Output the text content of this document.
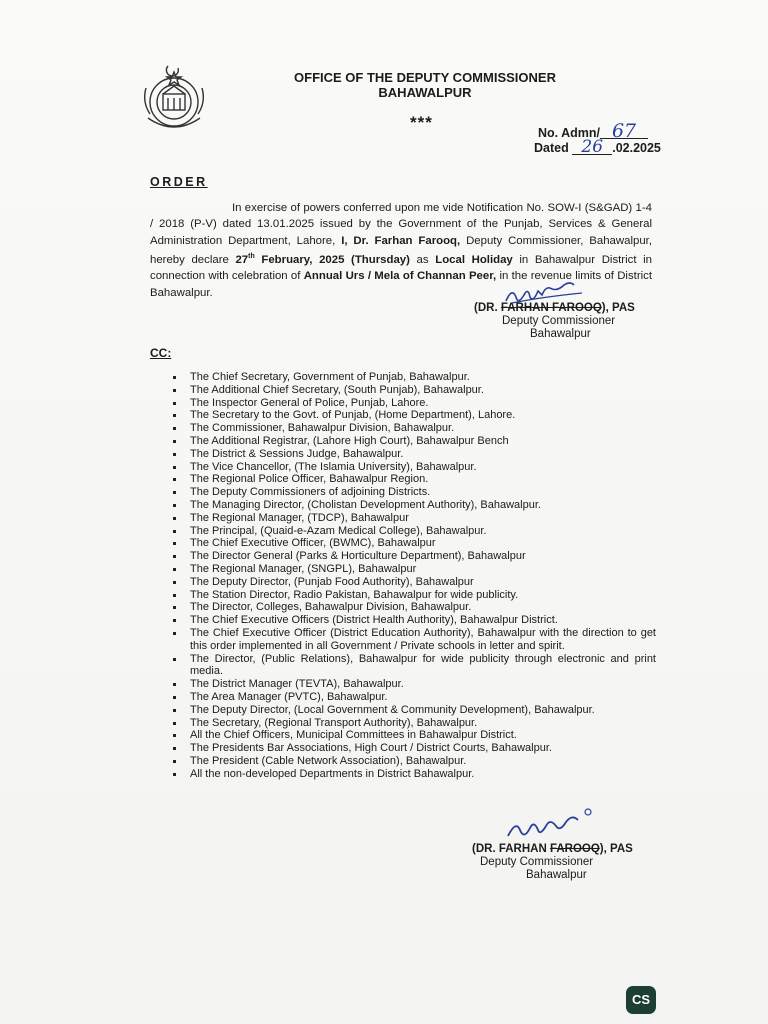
OFFICE OF THE DEPUTY COMMISSIONER
BAHAWALPUR
***
No. Admn/ 67
Dated 26 .02.2025
ORDER
In exercise of powers conferred upon me vide Notification No. SOW-I (S&GAD) 1-4 / 2018 (P-V) dated 13.01.2025 issued by the Government of the Punjab, Services & General Administration Department, Lahore, I, Dr. Farhan Farooq, Deputy Commissioner, Bahawalpur, hereby declare 27th February, 2025 (Thursday) as Local Holiday in Bahawalpur District in connection with celebration of Annual Urs / Mela of Channan Peer, in the revenue limits of District Bahawalpur.
(DR. FARHAN FAROOQ), PAS
Deputy Commissioner
Bahawalpur
CC:
The Chief Secretary, Government of Punjab, Bahawalpur.
The Additional Chief Secretary, (South Punjab), Bahawalpur.
The Inspector General of Police, Punjab, Lahore.
The Secretary to the Govt. of Punjab, (Home Department), Lahore.
The Commissioner, Bahawalpur Division, Bahawalpur.
The Additional Registrar, (Lahore High Court), Bahawalpur Bench
The District & Sessions Judge, Bahawalpur.
The Vice Chancellor, (The Islamia University), Bahawalpur.
The Regional Police Officer, Bahawalpur Region.
The Deputy Commissioners of adjoining Districts.
The Managing Director, (Cholistan Development Authority), Bahawalpur.
The Regional Manager, (TDCP), Bahawalpur
The Principal, (Quaid-e-Azam Medical College), Bahawalpur.
The Chief Executive Officer, (BWMC), Bahawalpur
The Director General (Parks & Horticulture Department), Bahawalpur
The Regional Manager, (SNGPL), Bahawalpur
The Deputy Director, (Punjab Food Authority), Bahawalpur
The Station Director, Radio Pakistan, Bahawalpur for wide publicity.
The Director, Colleges, Bahawalpur Division, Bahawalpur.
The Chief Executive Officers (District Health Authority), Bahawalpur District.
The Chief Executive Officer (District Education Authority), Bahawalpur with the direction to get this order implemented in all Government / Private schools in letter and spirit.
The Director, (Public Relations), Bahawalpur for wide publicity through electronic and print media.
The District Manager (TEVTA), Bahawalpur.
The Area Manager (PVTC), Bahawalpur.
The Deputy Director, (Local Government & Community Development), Bahawalpur.
The Secretary, (Regional Transport Authority), Bahawalpur.
All the Chief Officers, Municipal Committees in Bahawalpur District.
The Presidents Bar Associations, High Court / District Courts, Bahawalpur.
The President (Cable Network Association), Bahawalpur.
All the non-developed Departments in District Bahawalpur.
(DR. FARHAN FAROOQ), PAS
Deputy Commissioner
Bahawalpur
CS
